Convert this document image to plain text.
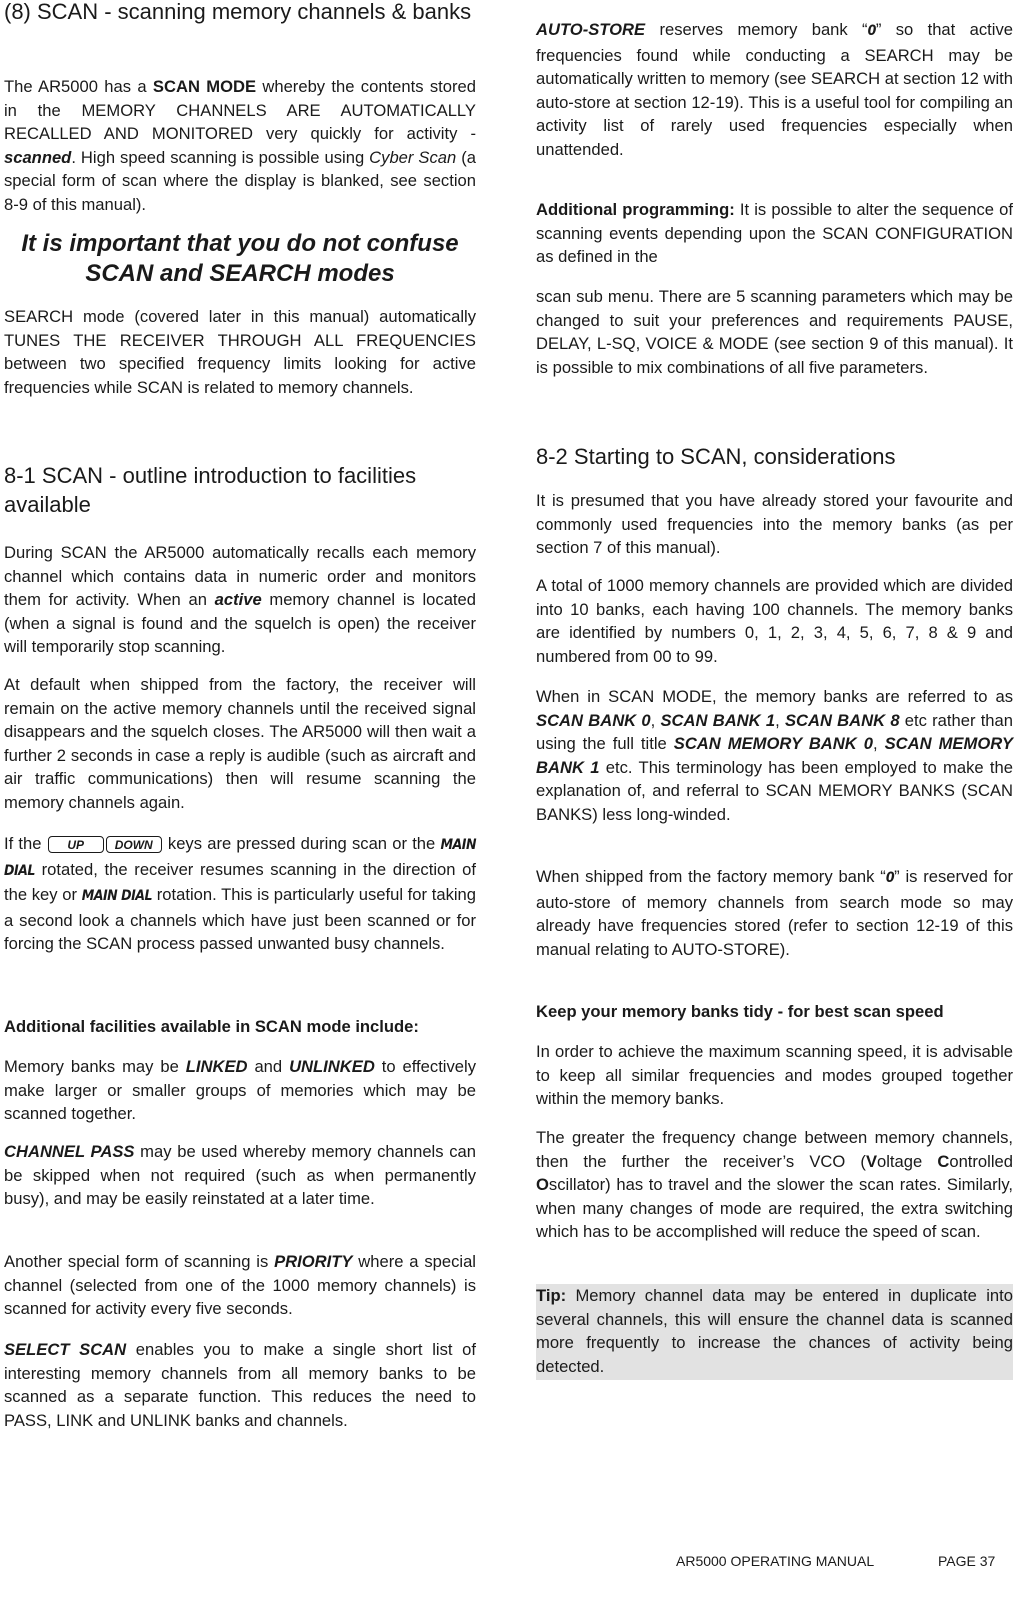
(8) SCAN - scanning memory channels & banks

The AR5000 has a SCAN MODE whereby the contents stored in the MEMORY CHANNELS ARE AUTOMATICALLY RECALLED AND MONITORED very quickly for activity - scanned. High speed scanning is possible using Cyber Scan (a special form of scan where the display is blanked, see section 8-9 of this manual).

It is important that you do not confuse SCAN and SEARCH modes

SEARCH mode (covered later in this manual) automatically TUNES THE RECEIVER THROUGH ALL FREQUENCIES between two specified frequency limits looking for active frequencies while SCAN is related to memory channels.

8-1 SCAN - outline introduction to facilities available

During SCAN the AR5000 automatically recalls each memory channel which contains data in numeric order and monitors them for activity. When an active memory channel is located (when a signal is found and the squelch is open) the receiver will temporarily stop scanning.

At default when shipped from the factory, the receiver will remain on the active memory channels until the received signal disappears and the squelch closes. The AR5000 will then wait a further 2 seconds in case a reply is audible (such as aircraft and air traffic communications) then will resume scanning the memory channels again.

If the UP	DOWN keys are pressed during scan or the MAIN DIAL rotated, the receiver resumes scanning in the direction of the key or MAIN DIAL rotation. This is particularly useful for taking a second look a channels which have just been scanned or for forcing the SCAN process passed unwanted busy channels.

Additional facilities available in SCAN mode include:

Memory banks may be LINKED and UNLINKED to effectively make larger or smaller groups of memories which may be scanned together.

CHANNEL PASS may be used whereby memory channels can be skipped when not required (such as when permanently busy), and may be easily reinstated at a later time.

Another special form of scanning is PRIORITY where a special channel (selected from one of the 1000 memory channels) is scanned for activity every five seconds.

SELECT SCAN enables you to make a single short list of interesting memory channels from all memory banks to be scanned as a separate function. This reduces the need to PASS, LINK and UNLINK banks and channels.

AUTO-STORE reserves memory bank “0” so that active frequencies found while conducting a SEARCH may be automatically written to memory (see SEARCH at section 12 with auto-store at section 12-19). This is a useful tool for compiling an activity list of rarely used frequencies especially when unattended.

Additional programming: It is possible to alter the sequence of scanning events depending upon the SCAN CONFIGURATION as defined in the

scan sub menu. There are 5 scanning parameters which may be changed to suit your preferences and requirements PAUSE, DELAY, L-SQ, VOICE & MODE (see section 9 of this manual). It is possible to mix combinations of all five parameters.

8-2 Starting to SCAN, considerations

It is presumed that you have already stored your favourite and commonly used frequencies into the memory banks (as per section 7 of this manual).

A total of 1000 memory channels are provided which are divided into 10 banks, each having 100 channels. The memory banks are identified by numbers 0, 1, 2, 3, 4, 5, 6, 7, 8 & 9 and numbered from 00 to 99.

When in SCAN MODE, the memory banks are referred to as SCAN BANK 0, SCAN BANK 1, SCAN BANK 8 etc rather than using the full title SCAN MEMORY BANK 0, SCAN MEMORY BANK 1 etc. This terminology has been employed to make the explanation of, and referral to SCAN MEMORY BANKS (SCAN BANKS) less long-winded.

When shipped from the factory memory bank “0” is reserved for auto-store of memory channels from search mode so may already have frequencies stored (refer to section 12-19 of this manual relating to AUTO-STORE).

Keep your memory banks tidy - for best scan speed

In order to achieve the maximum scanning speed, it is advisable to keep all similar frequencies and modes grouped together within the memory banks.

The greater the frequency change between memory channels, then the further the receiver’s VCO (Voltage Controlled Oscillator) has to travel and the slower the scan rates. Similarly, when many changes of mode are required, the extra switching which has to be accomplished will reduce the speed of scan.

Tip: Memory channel data may be entered in duplicate into several channels, this will ensure the channel data is scanned more frequently to increase the chances of activity being detected.

AR5000 OPERATING MANUAL	PAGE 37
